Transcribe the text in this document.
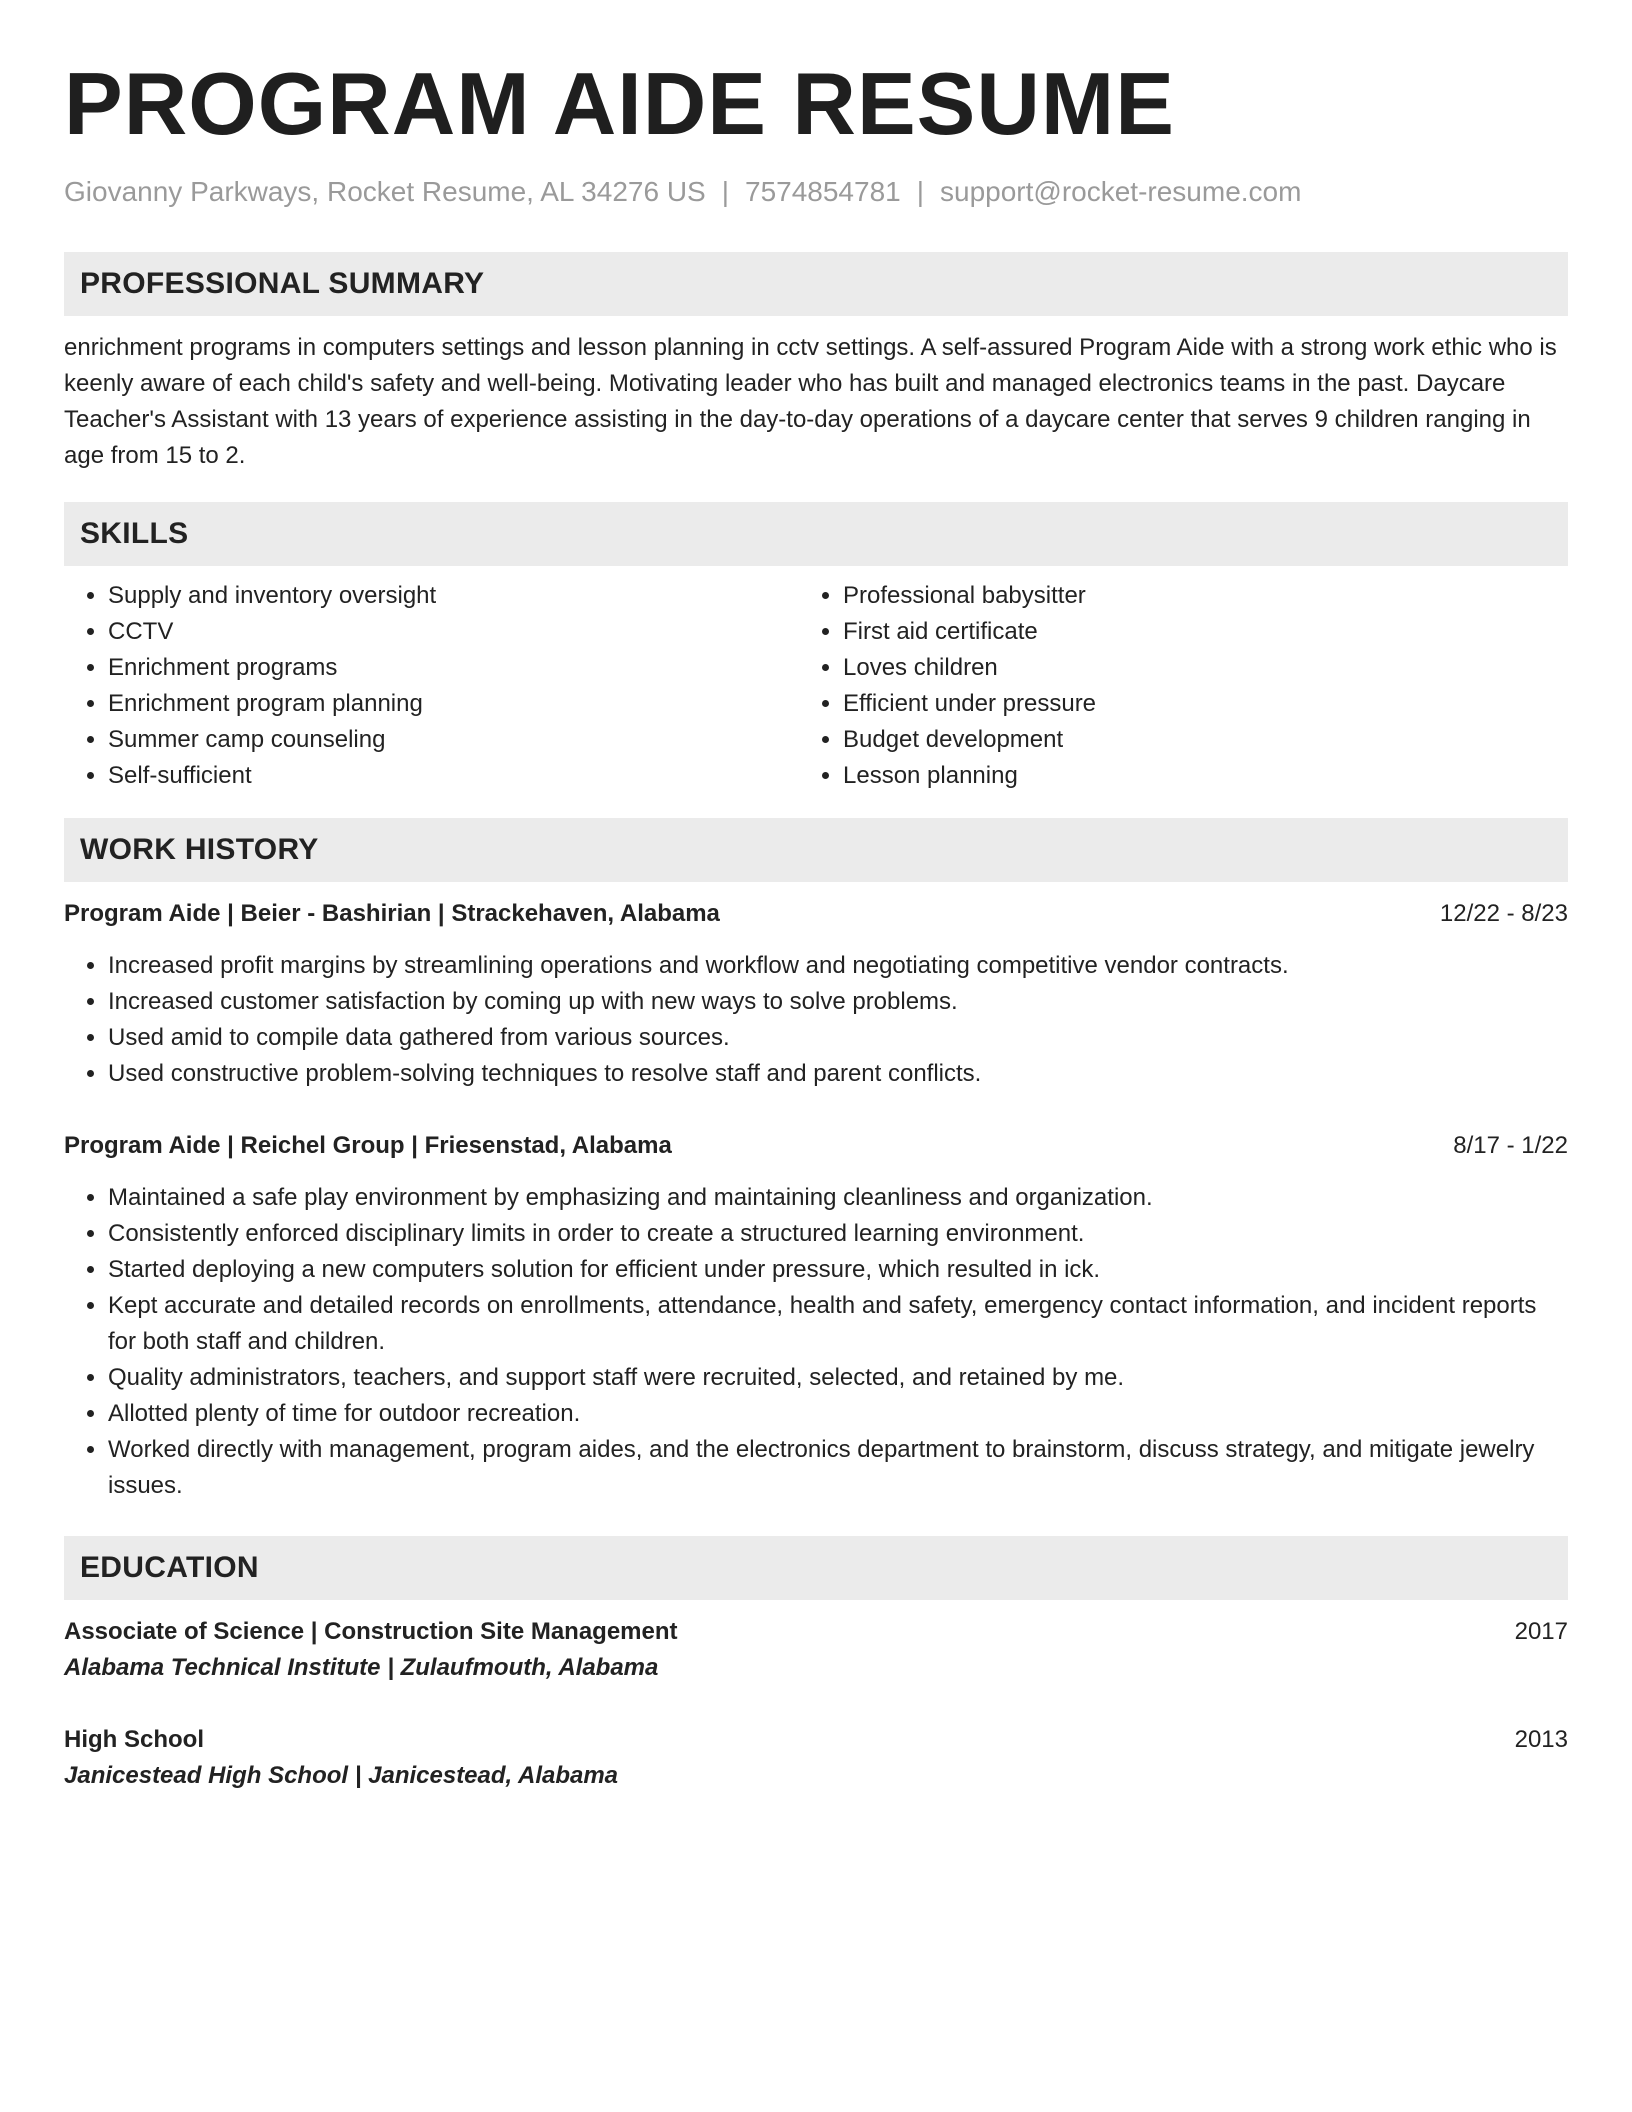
PROGRAM AIDE RESUME
Giovanny Parkways, Rocket Resume, AL 34276 US | 7574854781 | support@rocket-resume.com
PROFESSIONAL SUMMARY
enrichment programs in computers settings and lesson planning in cctv settings. A self-assured Program Aide with a strong work ethic who is keenly aware of each child's safety and well-being. Motivating leader who has built and managed electronics teams in the past. Daycare Teacher's Assistant with 13 years of experience assisting in the day-to-day operations of a daycare center that serves 9 children ranging in age from 15 to 2.
SKILLS
• Supply and inventory oversight
• CCTV
• Enrichment programs
• Enrichment program planning
• Summer camp counseling
• Self-sufficient
• Professional babysitter
• First aid certificate
• Loves children
• Efficient under pressure
• Budget development
• Lesson planning
WORK HISTORY
Program Aide | Beier - Bashirian | Strackehaven, Alabama	12/22 - 8/23
• Increased profit margins by streamlining operations and workflow and negotiating competitive vendor contracts.
• Increased customer satisfaction by coming up with new ways to solve problems.
• Used amid to compile data gathered from various sources.
• Used constructive problem-solving techniques to resolve staff and parent conflicts.
Program Aide | Reichel Group | Friesenstad, Alabama	8/17 - 1/22
• Maintained a safe play environment by emphasizing and maintaining cleanliness and organization.
• Consistently enforced disciplinary limits in order to create a structured learning environment.
• Started deploying a new computers solution for efficient under pressure, which resulted in ick.
• Kept accurate and detailed records on enrollments, attendance, health and safety, emergency contact information, and incident reports for both staff and children.
• Quality administrators, teachers, and support staff were recruited, selected, and retained by me.
• Allotted plenty of time for outdoor recreation.
• Worked directly with management, program aides, and the electronics department to brainstorm, discuss strategy, and mitigate jewelry issues.
EDUCATION
Associate of Science | Construction Site Management	2017
Alabama Technical Institute | Zulaufmouth, Alabama
High School	2013
Janicestead High School | Janicestead, Alabama
